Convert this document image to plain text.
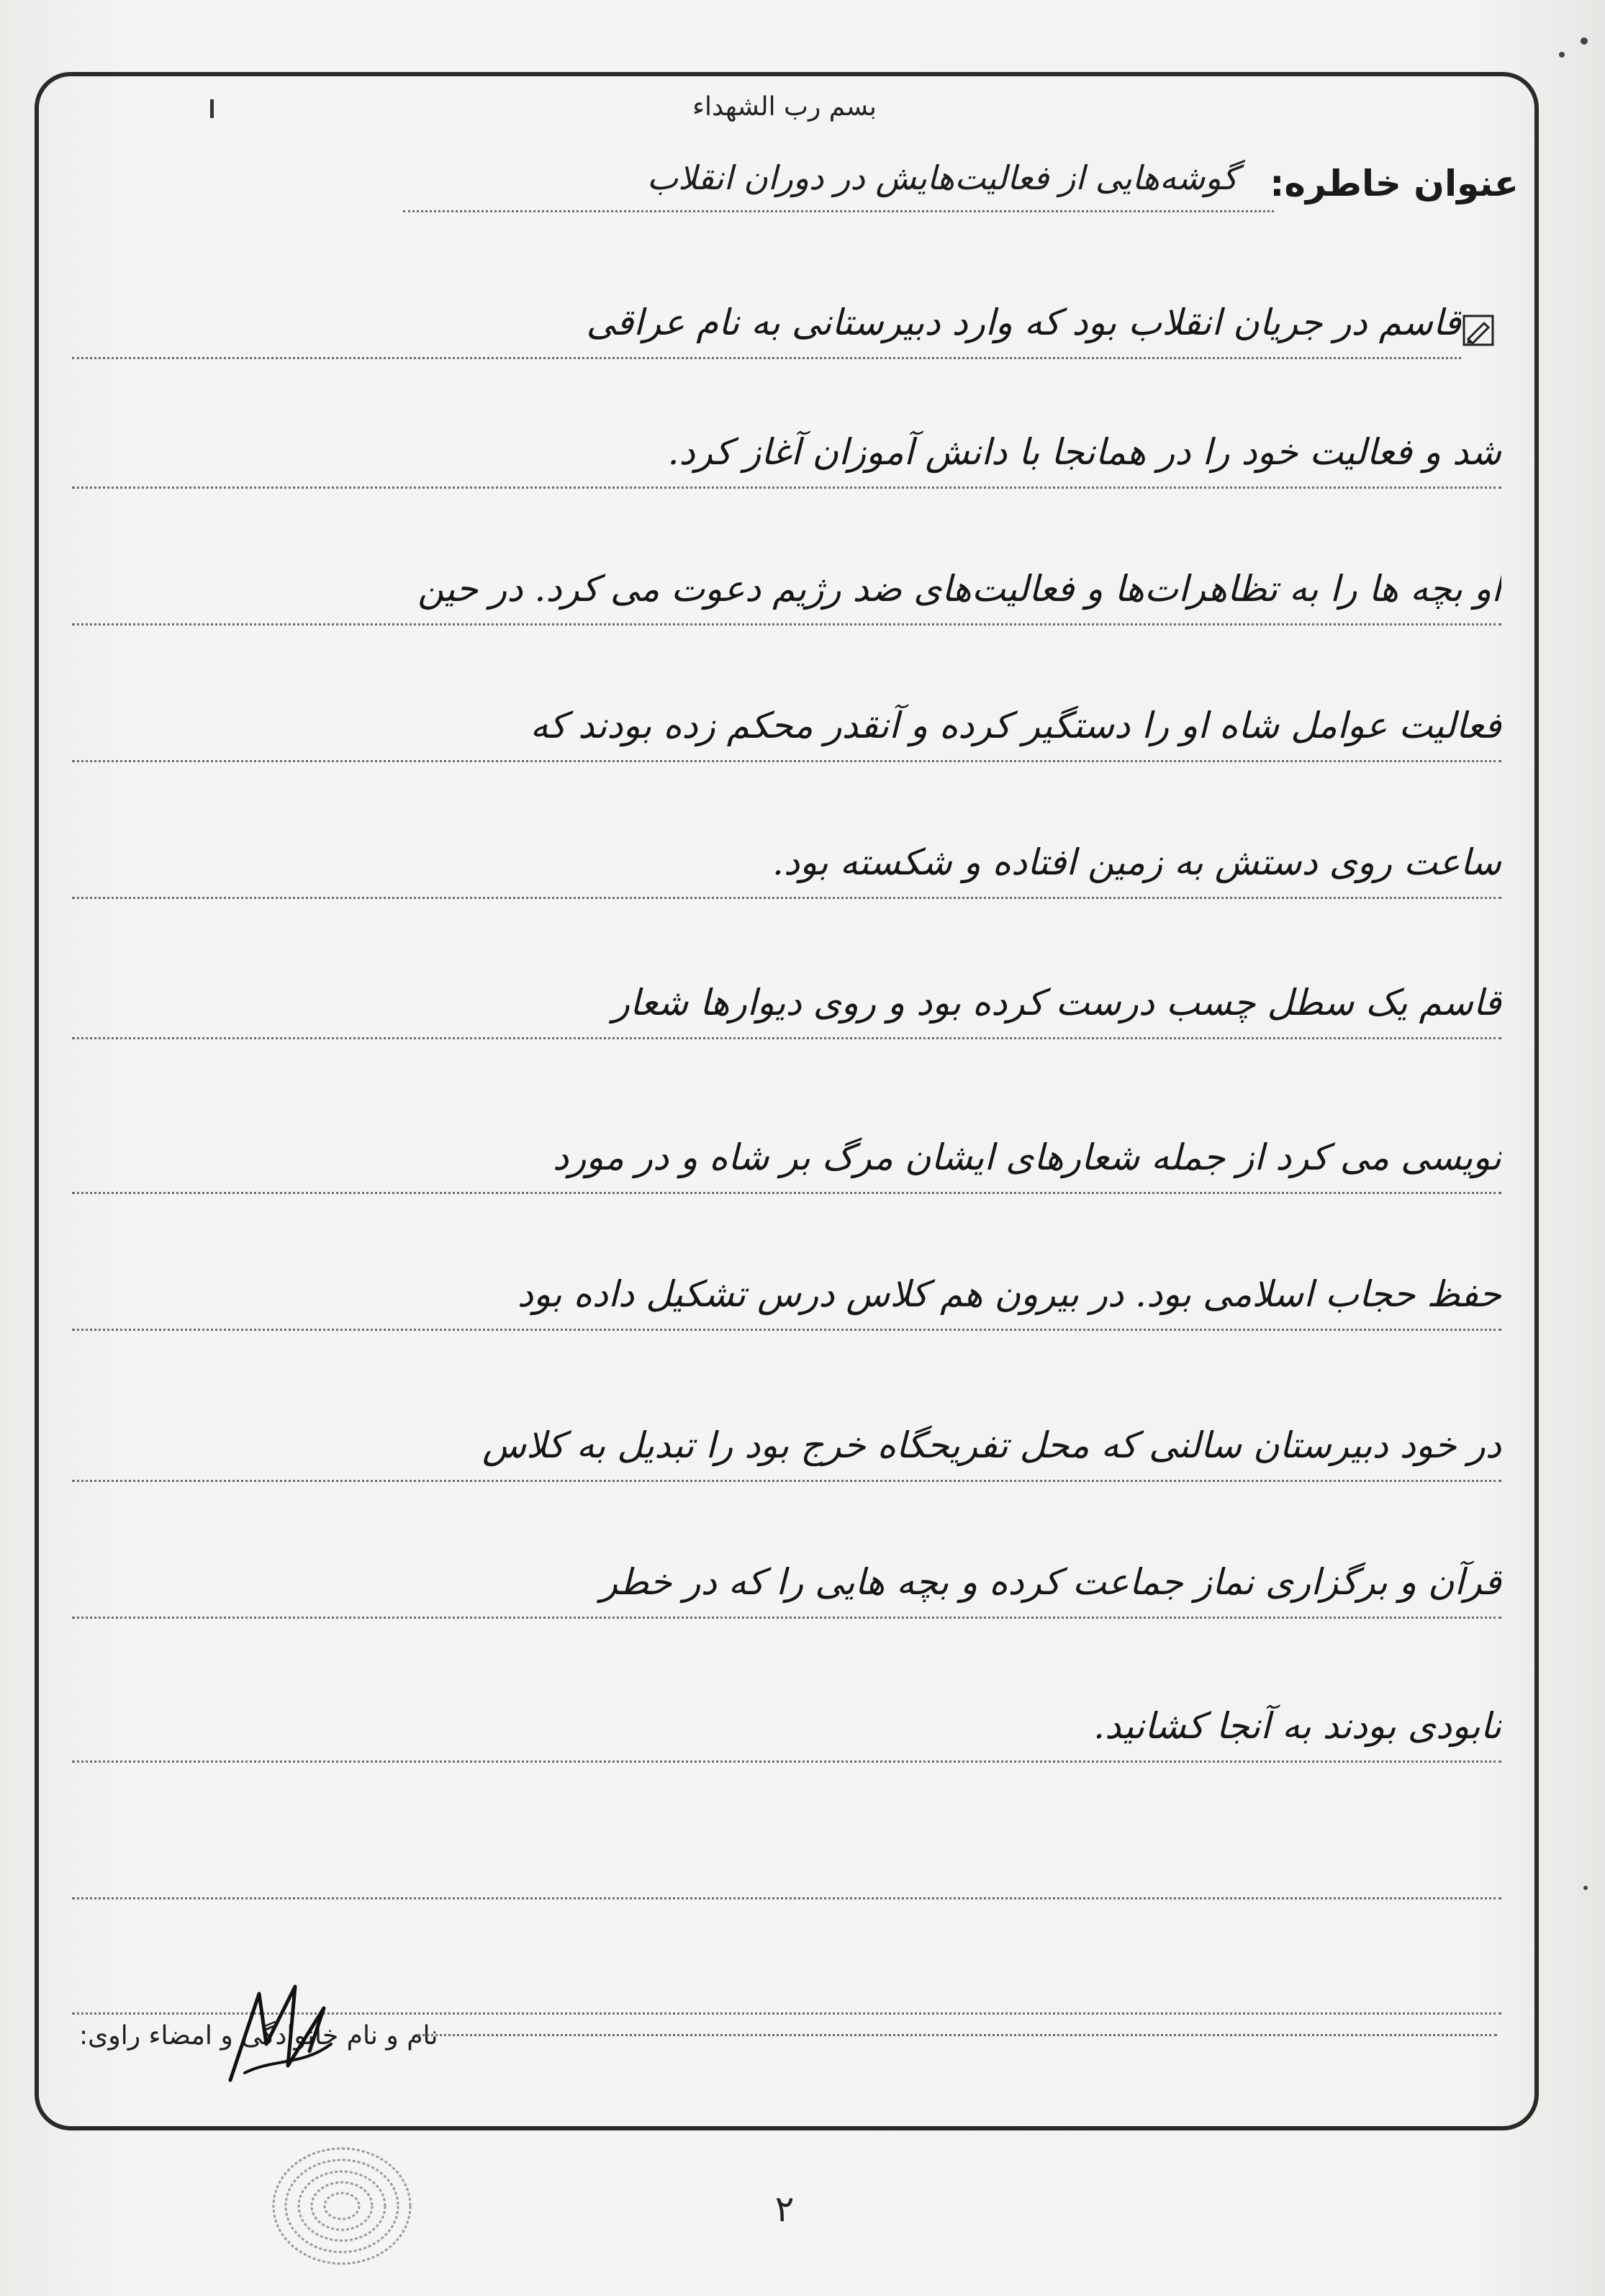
بسم رب الشهداء
عنوان خاطره:
گوشه‌هایی از فعالیت‌هایش در دوران انقلاب
قاسم در جریان انقلاب بود که وارد دبیرستانی به نام عراقی
شد و فعالیت خود را در همانجا با دانش آموزان آغاز کرد.
او بچه ها را به تظاهرات‌ها و فعالیت‌های ضد رژیم دعوت می کرد. در حین
فعالیت عوامل شاه او را دستگیر کرده و آنقدر محکم زده بودند که
ساعت روی دستش به زمین افتاده و شکسته بود.
قاسم یک سطل چسب درست کرده بود و روی دیوارها شعار
نویسی می کرد از جمله شعارهای ایشان مرگ بر شاه و در مورد
حفظ حجاب اسلامی بود. در بیرون هم کلاس درس تشکیل داده بود
در خود دبیرستان سالنی که محل تفریحگاه خرج بود را تبدیل به کلاس
قرآن و برگزاری نماز جماعت کرده و بچه هایی را که در خطر
نابودی بودند به آنجا کشانید.
نام و نام خانوادگی و امضاء راوی:
۲
